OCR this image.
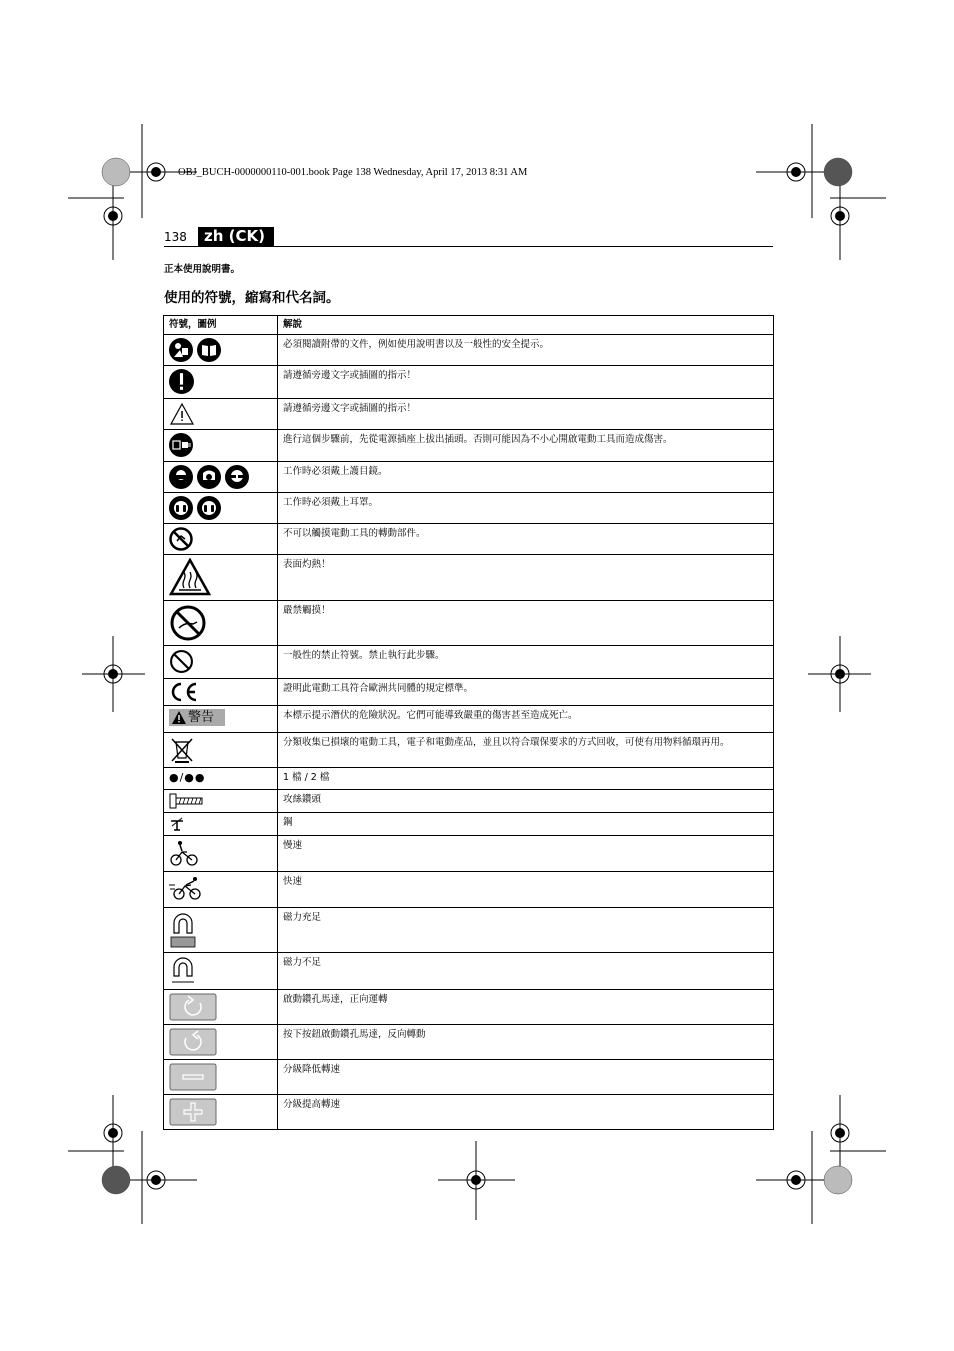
OBJ_BUCH-0000000110-001.book Page 138 Wednesday, April 17, 2013 8:31 AM
138	zh (CK)
正本使用說明書。
使用的符號，縮寫和代名詞。
符號，圖例	解說

	必須閱讀附帶的文件，例如使用說明書以及一般性的安全提示。

	請遵循旁邊文字或插圖的指示！

	請遵循旁邊文字或插圖的指示！

	進行這個步驟前，先從電源插座上拔出插頭。否則可能因為不小心開啟電動工具而造成傷害。

	工作時必須戴上護目鏡。

	工作時必須戴上耳罩。

	不可以觸摸電動工具的轉動部件。

	表面灼熱！

	嚴禁觸摸！

	一般性的禁止符號。禁止執行此步驟。

	證明此電動工具符合歐洲共同體的規定標準。

警告	本標示提示潛伏的危險狀況。它們可能導致嚴重的傷害甚至造成死亡。

	分類收集已損壞的電動工具，電子和電動產品，並且以符合環保要求的方式回收，可使有用物料循環再用。
●/●●	1 檔 / 2 檔

	攻絲鑽頭

	鋼

	慢速

	快速

	磁力充足

	磁力不足

	啟動鑽孔馬達，正向運轉

	按下按鈕啟動鑽孔馬達，反向轉動

	分級降低轉速

	分級提高轉速
